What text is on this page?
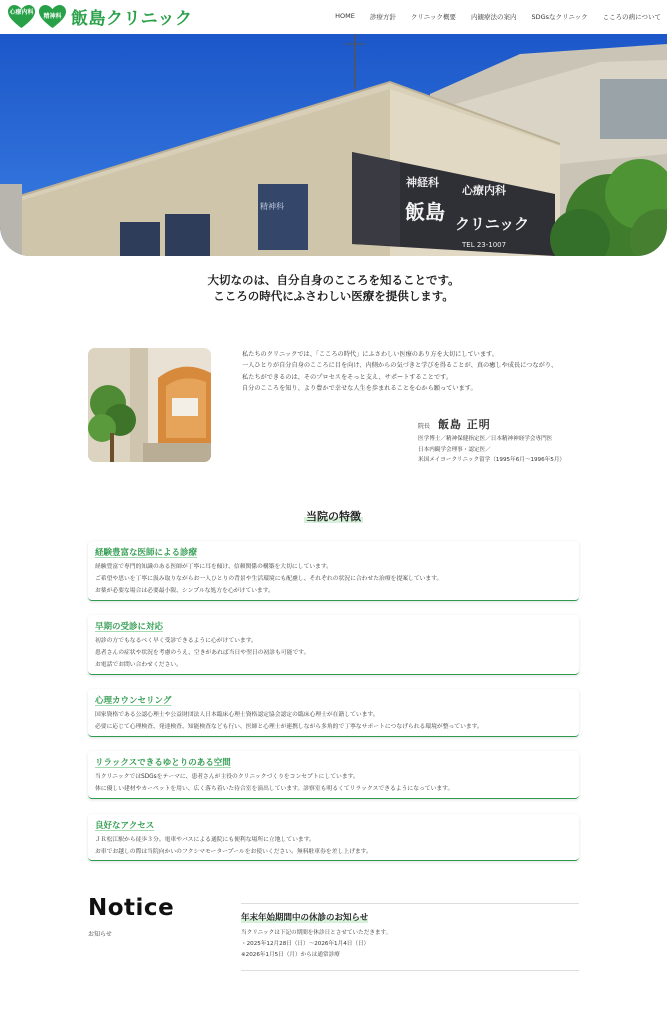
心療内科
精神科 飯島クリニック	HOME 診療方針 クリニック概要 内観療法の案内 SDGsなクリニック こころの病について
神経科
心療内科
飯島 クリニック
TEL 23-1007
精神科
大切なのは、自分自身のこころを知ることです。
こころの時代にふさわしい医療を提供します。
私たちのクリニックでは、「こころの時代」にふさわしい医療のあり方を大切にしています。
一人ひとりが自分自身のこころに目を向け、内側からの気づきと学びを得ることが、真の癒しや成長につながり、
私たちができるのは、そのプロセスをそっと支え、サポートすることです。
自分のこころを知り、より豊かで幸せな人生を歩まれることを心から願っています。
院長 飯島 正明
医学博士／精神保健指定医／日本精神神経学会専門医
日本内観学会理事・認定医／
米国メイヨークリニック留学（1995年6月〜1996年5月）
当院の特徴
経験豊富な医師による診療

経験豊富で専門的知識のある医師が丁寧に耳を傾け、信頼関係の構築を大切にしています。

ご希望や思いを丁寧に汲み取りながらお一人ひとりの背景や生活環境にも配慮し、それぞれの状況に合わせた治療を提案しています。

お薬が必要な場合は必要最小限、シンプルな処方を心がけています。

早期の受診に対応

初診の方でもなるべく早く受診できるように心がけています。

患者さんの症状や状況を考慮のうえ、空きがあれば当日や翌日の初診も可能です。

お電話でお問い合わせください。

心理カウンセリング

国家資格である公認心理士や公益財団法人日本臨床心理士資格認定協会認定の臨床心理士が在籍しています。

必要に応じて心理検査、発達検査、知能検査なども行い、医師と心理士が連携しながら多角的で丁寧なサポートにつなげられる環境が整っています。

リラックスできるゆとりのある空間

当クリニックではSDGsをテーマに、患者さんが主役のクリニックづくりをコンセプトにしています。

体に優しい建材やカーペットを用い、広く落ち着いた待合室を演出しています。診察室も明るくてリラックスできるようになっています。

良好なアクセス

ＪＲ松江駅から徒歩３分。電車やバスによる通院にも便利な場所に立地しています。

お車でお越しの際は当院向かいのフクシマモータープールをお使いください。無料駐車券を差し上げます。

Notice
お知らせ
年末年始期間中の休診のお知らせ
当クリニックは下記の期間を休診日とさせていただきます。
・2025年12月28日（日）〜2026年1月4日（日）
※2026年1月5日（月）からは通常診療
